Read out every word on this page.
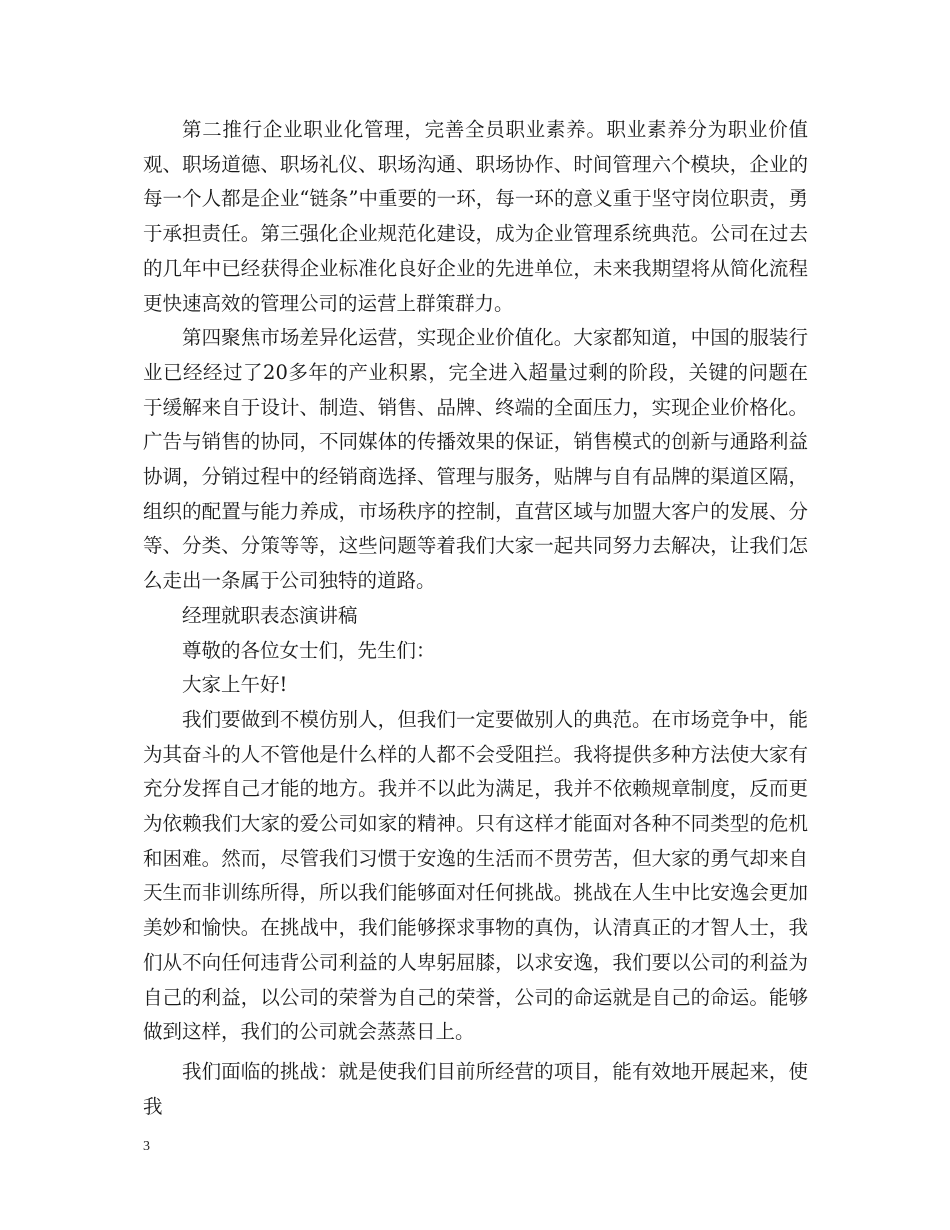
第二推行企业职业化管理，完善全员职业素养。职业素养分为职业价值观、职场道德、职场礼仪、职场沟通、职场协作、时间管理六个模块，企业的每一个人都是企业“链条”中重要的一环，每一环的意义重于坚守岗位职责，勇于承担责任。第三强化企业规范化建设，成为企业管理系统典范。公司在过去的几年中已经获得企业标准化良好企业的先进单位，未来我期望将从简化流程更快速高效的管理公司的运营上群策群力。

第四聚焦市场差异化运营，实现企业价值化。大家都知道，中国的服装行业已经经过了20多年的产业积累，完全进入超量过剩的阶段，关键的问题在于缓解来自于设计、制造、销售、品牌、终端的全面压力，实现企业价格化。广告与销售的协同，不同媒体的传播效果的保证，销售模式的创新与通路利益协调，分销过程中的经销商选择、管理与服务，贴牌与自有品牌的渠道区隔，组织的配置与能力养成，市场秩序的控制，直营区域与加盟大客户的发展、分等、分类、分策等等，这些问题等着我们大家一起共同努力去解决，让我们怎么走出一条属于公司独特的道路。

经理就职表态演讲稿

尊敬的各位女士们，先生们：

大家上午好!

我们要做到不模仿别人，但我们一定要做别人的典范。在市场竞争中，能为其奋斗的人不管他是什么样的人都不会受阻拦。我将提供多种方法使大家有充分发挥自己才能的地方。我并不以此为满足，我并不依赖规章制度，反而更为依赖我们大家的爱公司如家的精神。只有这样才能面对各种不同类型的危机和困难。然而，尽管我们习惯于安逸的生活而不贯劳苦，但大家的勇气却来自天生而非训练所得，所以我们能够面对任何挑战。挑战在人生中比安逸会更加美妙和愉快。在挑战中，我们能够探求事物的真伪，认清真正的才智人士，我们从不向任何违背公司利益的人卑躬屈膝，以求安逸，我们要以公司的利益为自己的利益，以公司的荣誉为自己的荣誉，公司的命运就是自己的命运。能够做到这样，我们的公司就会蒸蒸日上。

我们面临的挑战：就是使我们目前所经营的项目，能有效地开展起来，使我

3
